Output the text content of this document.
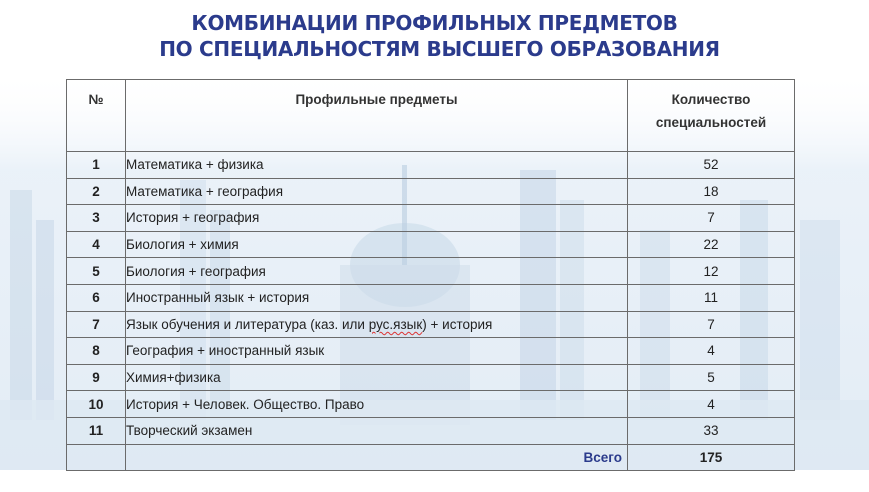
КОМБИНАЦИИ ПРОФИЛЬНЫХ ПРЕДМЕТОВ
ПО СПЕЦИАЛЬНОСТЯМ ВЫСШЕГО ОБРАЗОВАНИЯ
№	Профильные предметы	Количество
специальностей
1	Математика + физика	52
2	Математика + география	18
3	История + география	7
4	Биология + химия	22
5	Биология + география	12
6	Иностранный язык + история	11
7	Язык обучения и литература (каз. или рус.язык) + история	7
8	География + иностранный язык	4
9	Химия+физика	5
10	История + Человек. Общество. Право	4
11	Творческий экзамен	33
	Всего	175
